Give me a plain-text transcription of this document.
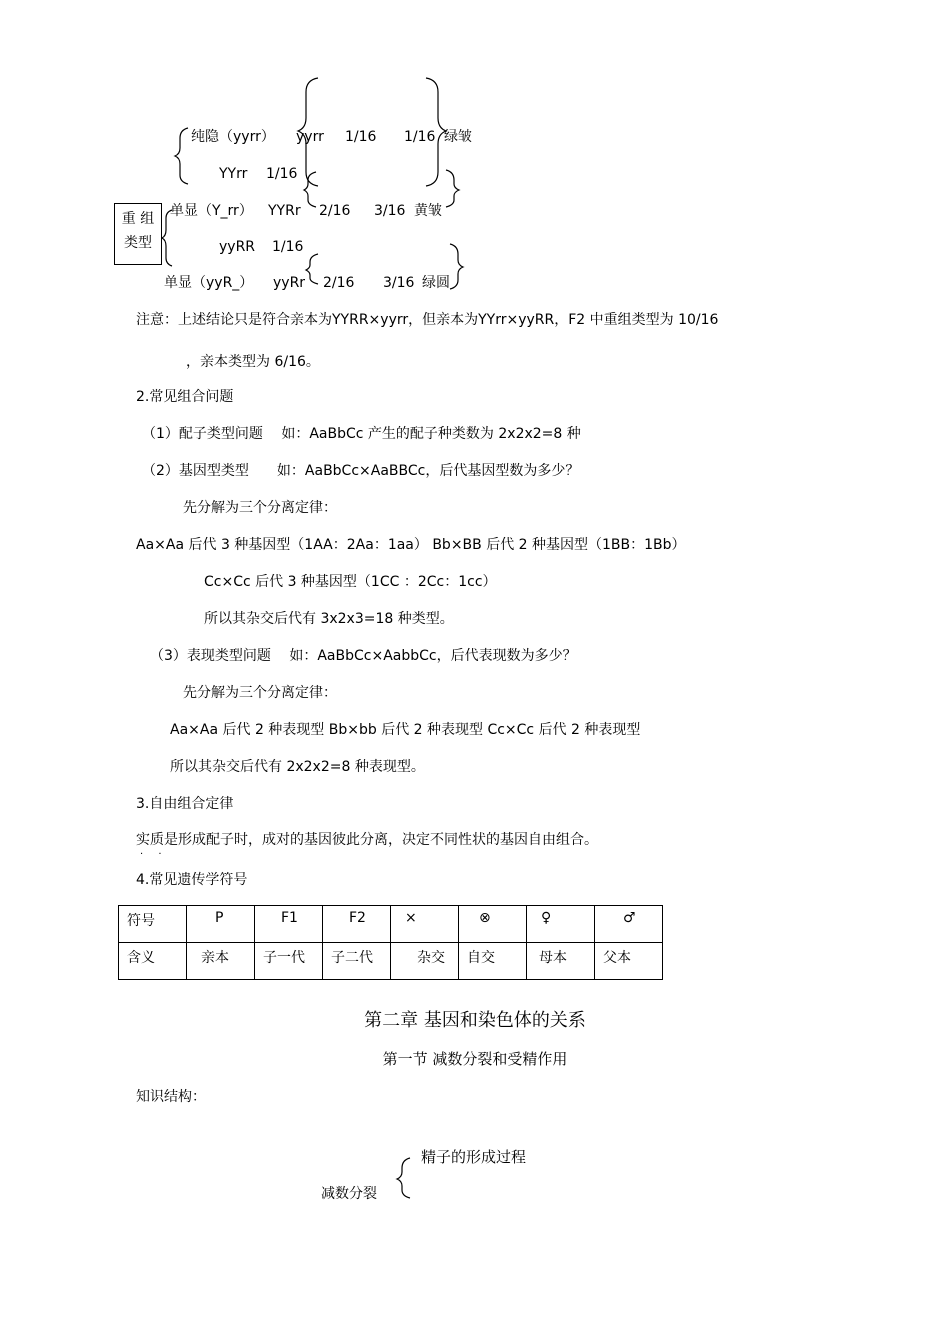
纯隐（yyrr） yyrr 1/16 1/16 绿皱
YYrr 1/16
单显（Y_rr） YYRr 2/16 3/16 黄皱
重 组
类型	yyRR 1/16
单显（yyR_） yyRr 2/16 3/16 绿圆
注意：上述结论只是符合亲本为YYRR×yyrr，但亲本为YYrr×yyRR，F2 中重组类型为 10/16
，亲本类型为 6/16。
2.常见组合问题
（1）配子类型问题　 如：AaBbCc 产生的配子种类数为 2x2x2=8 种
（2）基因型类型　　如：AaBbCc×AaBBCc，后代基因型数为多少？
先分解为三个分离定律：
Aa×Aa 后代 3 种基因型（1AA：2Aa：1aa） Bb×BB 后代 2 种基因型（1BB：1Bb）
Cc×Cc 后代 3 种基因型（1CC ：2Cc：1cc）
所以其杂交后代有 3x2x3=18 种类型。
（3）表现类型问题　 如：AaBbCc×AabbCc，后代表现数为多少？
先分解为三个分离定律：
Aa×Aa 后代 2 种表现型 Bb×bb 后代 2 种表现型 Cc×Cc 后代 2 种表现型
所以其杂交后代有 2x2x2=8 种表现型。
3.自由组合定律
实质是形成配子时，成对的基因彼此分离，决定不同性状的基因自由组合。
· ·
4.常见遗传学符号
符号	P	F1	F2	×	⊗	♀	♂
含义	亲本	子一代	子二代	杂交	自交	母本	父本
第二章 基因和染色体的关系
第一节 减数分裂和受精作用
知识结构：
精子的形成过程
减数分裂
